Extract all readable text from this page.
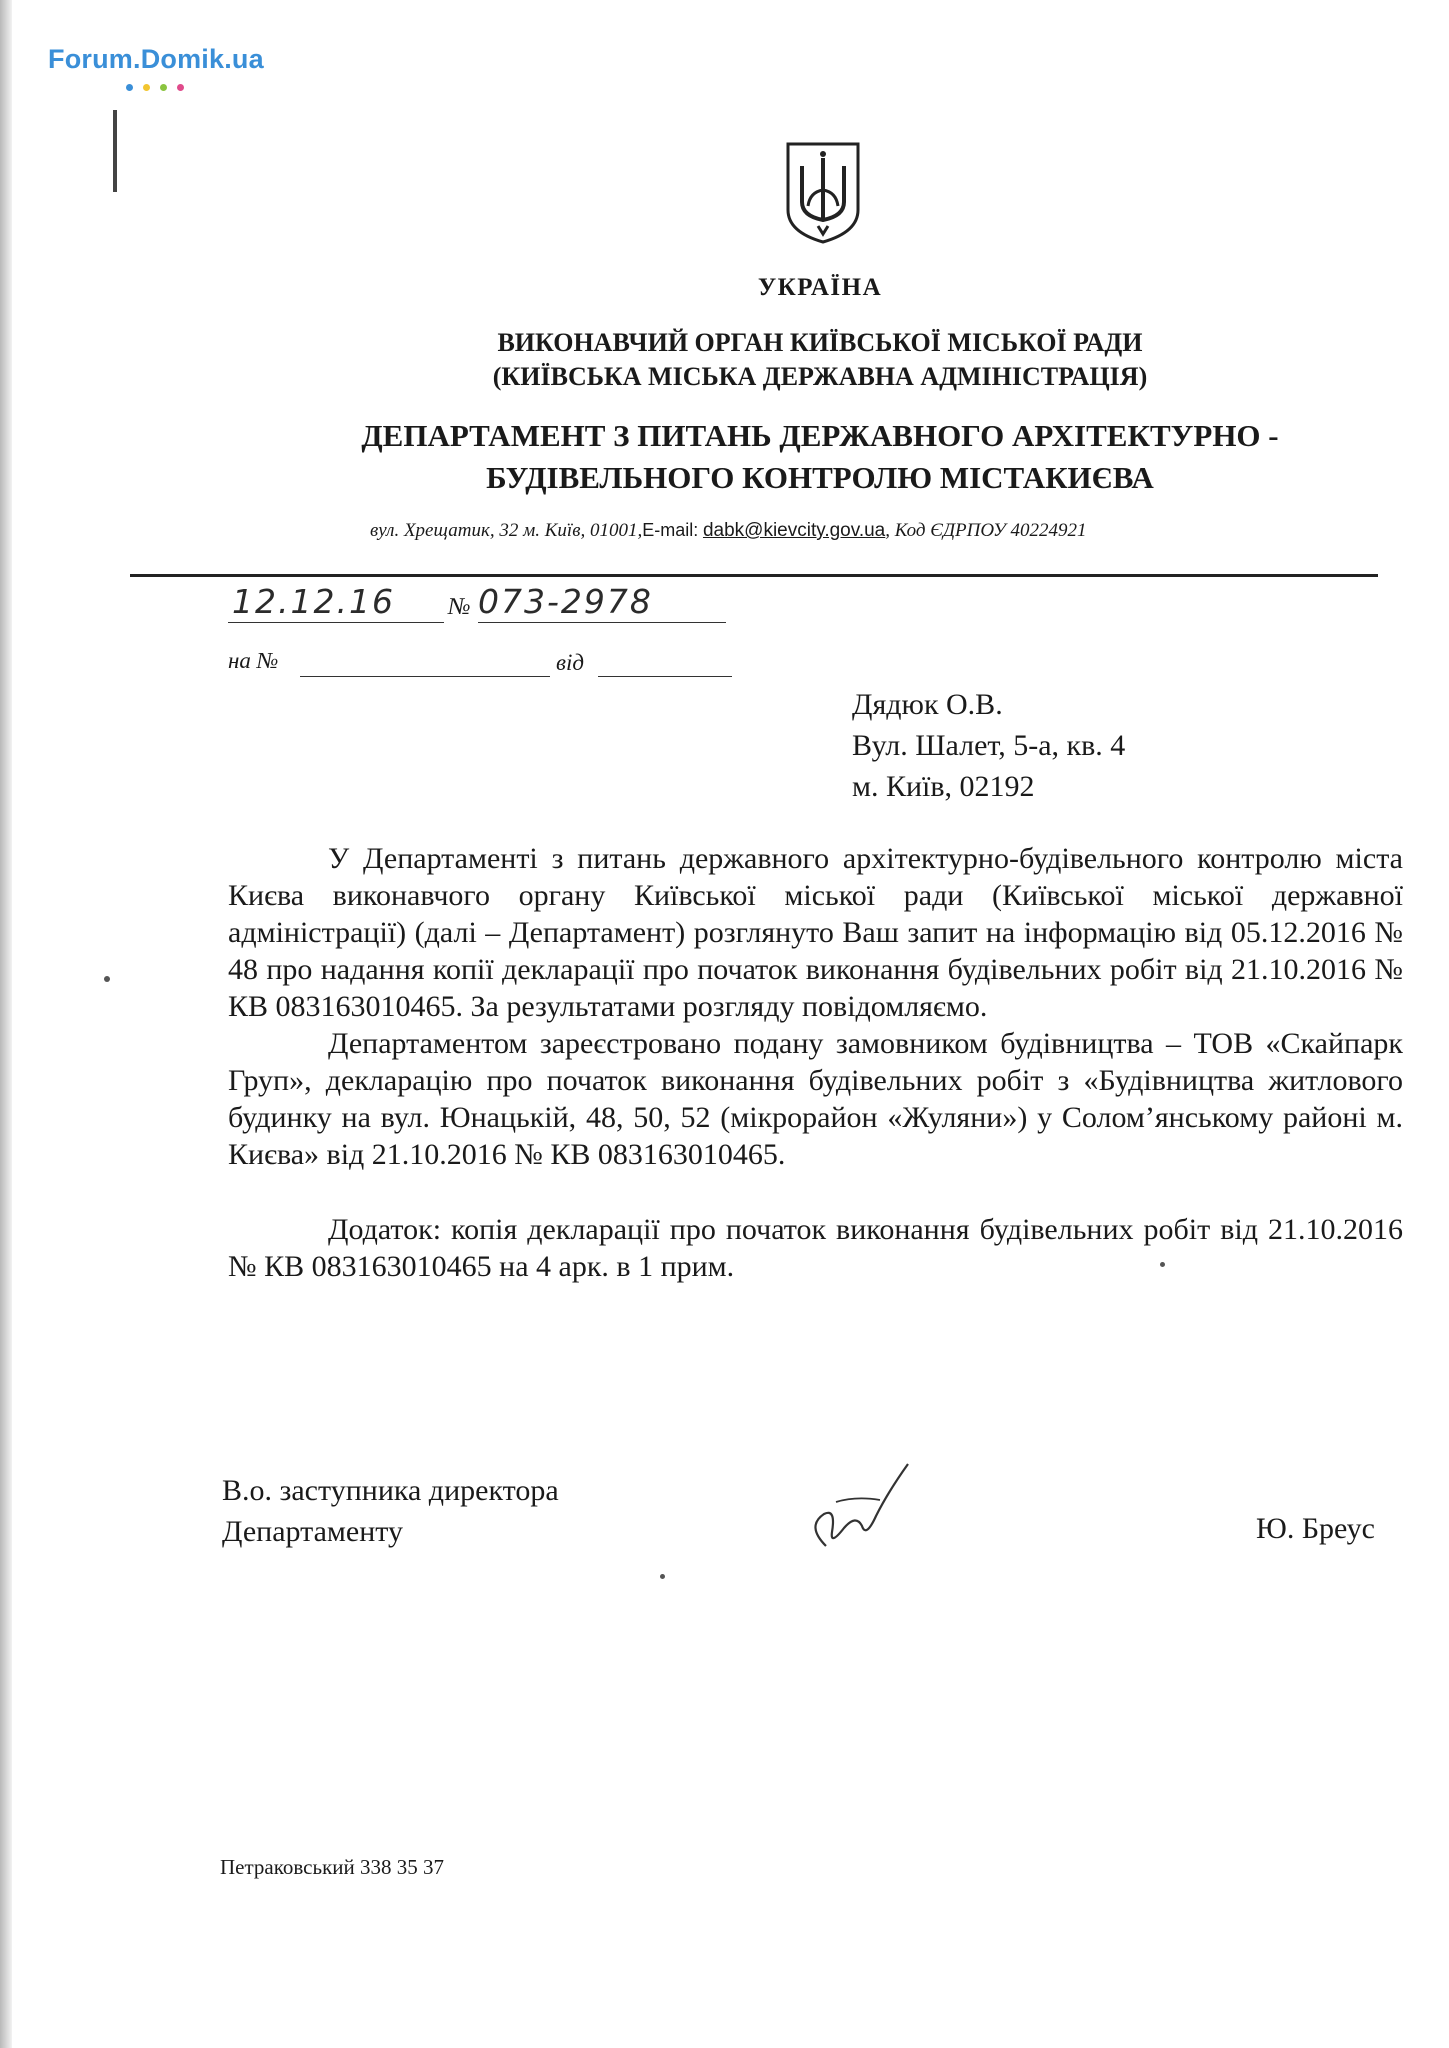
Forum.Domik.ua
УКРАЇНА
ВИКОНАВЧИЙ ОРГАН КИЇВСЬКОЇ МІСЬКОЇ РАДИ
(КИЇВСЬКА МІСЬКА ДЕРЖАВНА АДМІНІСТРАЦІЯ)
ДЕПАРТАМЕНТ З ПИТАНЬ ДЕРЖАВНОГО АРХІТЕКТУРНО -
БУДІВЕЛЬНОГО КОНТРОЛЮ МІСТАКИЄВА
вул. Хрещатик, 32 м. Київ, 01001,E-mail: dabk@kievcity.gov.ua, Код ЄДРПОУ 40224921
12.12.16 № 073-2978
на №	від
Дядюк О.В.
Вул. Шалет, 5-а, кв. 4
м. Київ, 02192

У Департаменті з питань державного архітектурно-будівельного контролю міста Києва виконавчого органу Київської міської ради (Київської міської державної адміністрації) (далі – Департамент) розглянуто Ваш запит на інформацію від 05.12.2016 № 48 про надання копії декларації про початок виконання будівельних робіт від 21.10.2016 № КВ 083163010465. За результатами розгляду повідомляємо.

Департаментом зареєстровано подану замовником будівництва – ТОВ «Скайпарк Груп», декларацію про початок виконання будівельних робіт з «Будівництва житлового будинку на вул. Юнацькій, 48, 50, 52 (мікрорайон «Жуляни») у Солом’янському районі м. Києва» від 21.10.2016 № КВ 083163010465.

Додаток: копія декларації про початок виконання будівельних робіт від 21.10.2016 № КВ 083163010465 на 4 арк. в 1 прим.

В.о. заступника директора
Департаменту	Ю. Бреус
Петраковський 338 35 37
